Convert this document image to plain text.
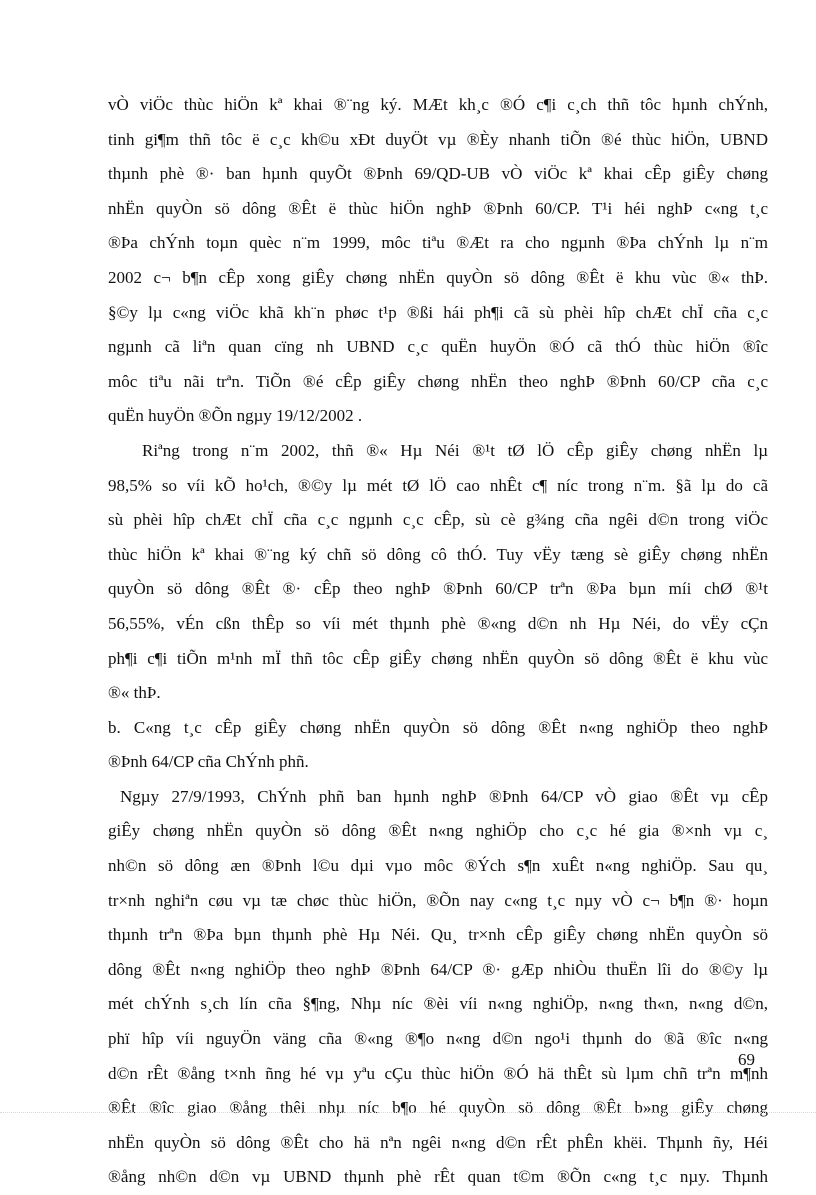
vÒ viÖc thùc hiÖn kª khai ®¨ng ký. MÆt kh¸c ®Ó c¶i c¸ch thñ tôc hµnh chÝnh,
tinh gi¶m thñ tôc ë c¸c kh©u xÐt duyÖt vµ ®Èy nhanh tiÕn ®é thùc hiÖn, UBND
thµnh phè ®· ban hµnh quyÕt ®Þnh 69/QD-UB vÒ viÖc kª khai cÊp giÊy chøng
nhËn quyÒn sö dông ®Êt ë thùc hiÖn nghÞ ®Þnh 60/CP. T¹i héi nghÞ c«ng t¸c
®Þa chÝnh toµn quèc n¨m 1999, môc tiªu ®Æt ra cho ngµnh ®Þa chÝnh lµ n¨m
2002 c¬ b¶n cÊp xong giÊy chøng nhËn quyÒn sö dông ®Êt ë khu vùc ®« thÞ.
§©y lµ c«ng viÖc khã kh¨n phøc t¹p ®ßi hái ph¶i cã sù phèi hîp chÆt chÏ cña c¸c
ngµnh cã liªn quan cïng nh UBND c¸c quËn huyÖn ®Ó cã thÓ thùc hiÖn ®îc
môc tiªu nãi trªn. TiÕn ®é cÊp giÊy chøng nhËn theo nghÞ ®Þnh 60/CP cña c¸c
quËn huyÖn ®Õn ngµy 19/12/2002 .
Riªng trong n¨m 2002, thñ ®« Hµ Néi ®¹t tØ lÖ cÊp giÊy chøng nhËn lµ
98,5% so víi kÕ ho¹ch, ®©y lµ mét tØ lÖ cao nhÊt c¶ níc trong n¨m. §ã lµ do cã
sù phèi hîp chÆt chÏ cña c¸c ngµnh c¸c cÊp, sù cè g¾ng cña ngêi d©n trong viÖc
thùc hiÖn kª khai ®¨ng ký chñ sö dông cô thÓ. Tuy vËy tæng sè giÊy chøng nhËn
quyÒn sö dông ®Êt ®· cÊp theo nghÞ ®Þnh 60/CP trªn ®Þa bµn míi chØ ®¹t
56,55%, vÉn cßn thÊp so víi mét thµnh phè ®«ng d©n nh Hµ Néi, do vËy cÇn
ph¶i c¶i tiÕn m¹nh mÏ thñ tôc cÊp giÊy chøng nhËn quyÒn sö dông ®Êt ë khu vùc
®« thÞ.
b. C«ng t¸c cÊp giÊy chøng nhËn quyÒn sö dông ®Êt n«ng nghiÖp theo nghÞ
®Þnh 64/CP cña ChÝnh phñ.
Ngµy 27/9/1993, ChÝnh phñ ban hµnh nghÞ ®Þnh 64/CP vÒ giao ®Êt vµ cÊp
giÊy chøng nhËn quyÒn sö dông ®Êt n«ng nghiÖp cho c¸c hé gia ®×nh vµ c¸
nh©n sö dông æn ®Þnh l©u dµi vµo môc ®Ých s¶n xuÊt n«ng nghiÖp. Sau qu¸
tr×nh nghiªn cøu vµ tæ chøc thùc hiÖn, ®Õn nay c«ng t¸c nµy vÒ c¬ b¶n ®· hoµn
thµnh trªn ®Þa bµn thµnh phè Hµ Néi. Qu¸ tr×nh cÊp giÊy chøng nhËn quyÒn sö
dông ®Êt n«ng nghiÖp theo nghÞ ®Þnh 64/CP ®· gÆp nhiÒu thuËn lîi do ®©y lµ
mét chÝnh s¸ch lín cña §¶ng, Nhµ níc ®èi víi n«ng nghiÖp, n«ng th«n, n«ng d©n,
phï hîp víi nguyÖn väng cña ®«ng ®¶o n«ng d©n ngo¹i thµnh do ®ã ®îc n«ng
d©n rÊt ®ång t×nh ñng hé vµ yªu cÇu thùc hiÖn ®Ó hä thÊt sù lµm chñ trªn m¶nh
®Êt ®îc giao ®ång thêi nhµ níc b¶o hé quyÒn sö dông ®Êt b»ng giÊy chøng
nhËn quyÒn sö dông ®Êt cho hä nªn ngêi n«ng d©n rÊt phÊn khëi. Thµnh ñy, Héi
®ång nh©n d©n vµ UBND thµnh phè rÊt quan t©m ®Õn c«ng t¸c nµy. Thµnh
69
